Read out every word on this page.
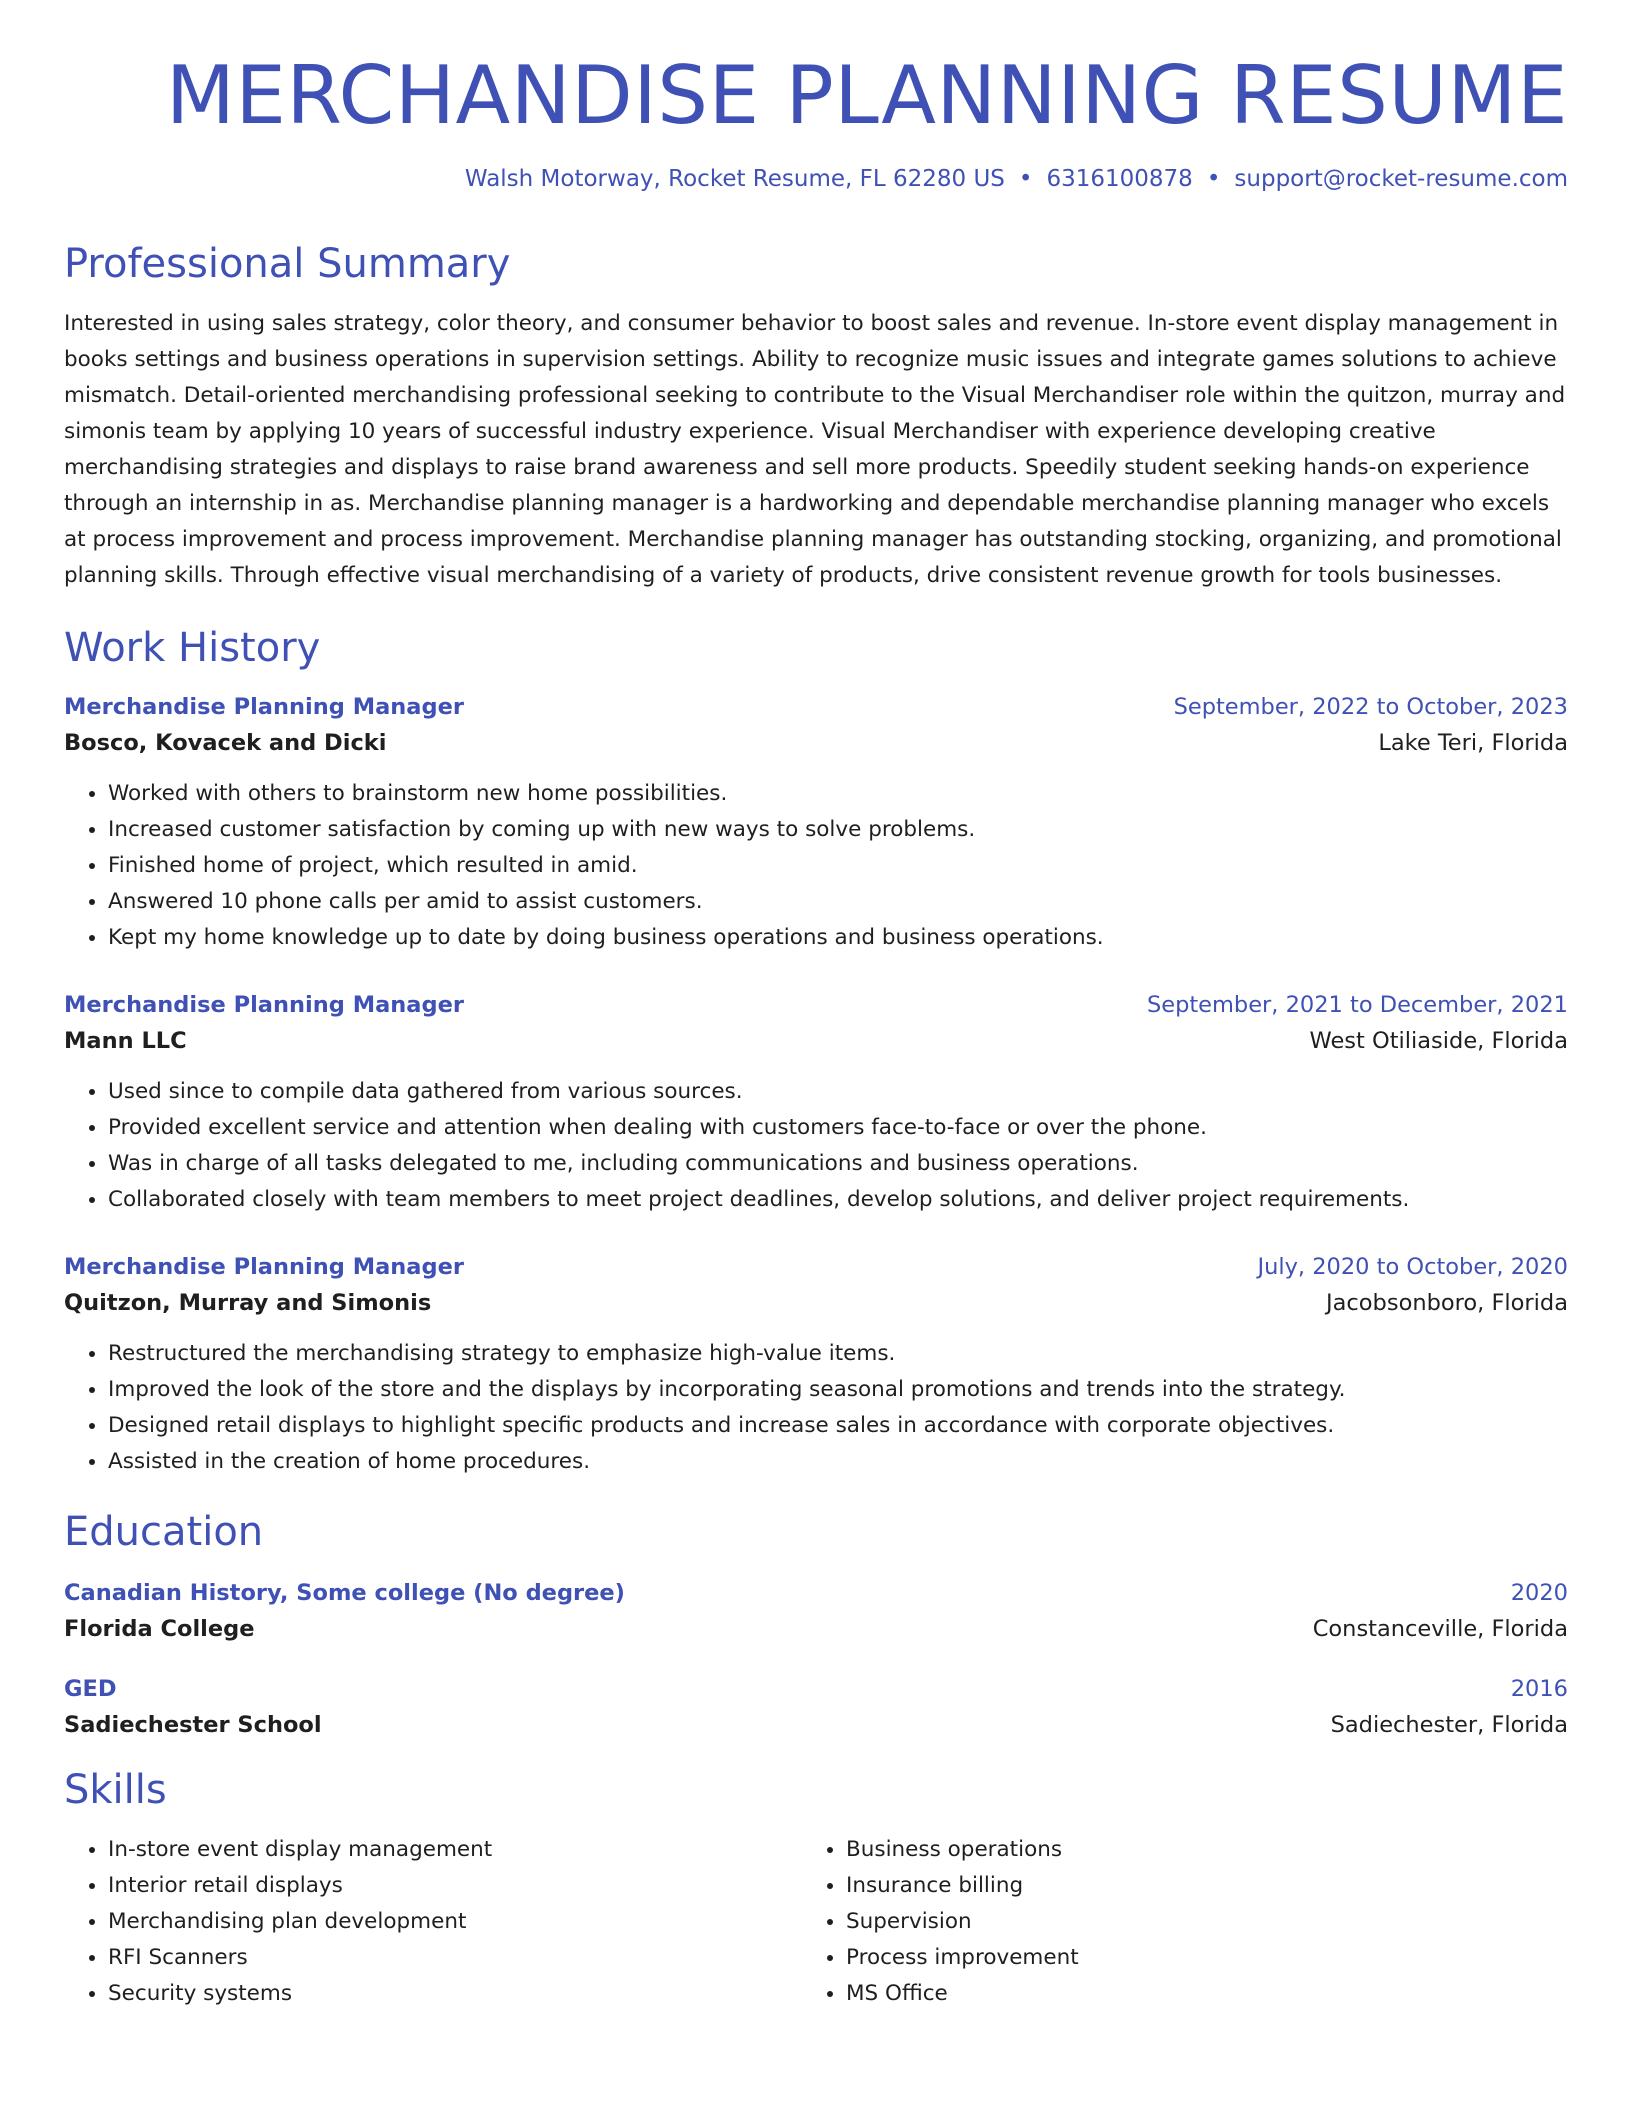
MERCHANDISE PLANNING RESUME
Walsh Motorway, Rocket Resume, FL 62280 US • 6316100878 • support@rocket-resume.com
Professional Summary

Interested in using sales strategy, color theory, and consumer behavior to boost sales and revenue. In-store event display management in books settings and business operations in supervision settings. Ability to recognize music issues and integrate games solutions to achieve mismatch. Detail-oriented merchandising professional seeking to contribute to the Visual Merchandiser role within the quitzon, murray and simonis team by applying 10 years of successful industry experience. Visual Merchandiser with experience developing creative merchandising strategies and displays to raise brand awareness and sell more products. Speedily student seeking hands-on experience through an internship in as. Merchandise planning manager is a hardworking and dependable merchandise planning manager who excels at process improvement and process improvement. Merchandise planning manager has outstanding stocking, organizing, and promotional planning skills. Through effective visual merchandising of a variety of products, drive consistent revenue growth for tools businesses.

Work History
Merchandise Planning Manager	September, 2022 to October, 2023
Bosco, Kovacek and Dicki	Lake Teri, Florida
• Worked with others to brainstorm new home possibilities.
• Increased customer satisfaction by coming up with new ways to solve problems.
• Finished home of project, which resulted in amid.
• Answered 10 phone calls per amid to assist customers.
• Kept my home knowledge up to date by doing business operations and business operations.
Merchandise Planning Manager	September, 2021 to December, 2021
Mann LLC	West Otiliaside, Florida
• Used since to compile data gathered from various sources.
• Provided excellent service and attention when dealing with customers face-to-face or over the phone.
• Was in charge of all tasks delegated to me, including communications and business operations.
• Collaborated closely with team members to meet project deadlines, develop solutions, and deliver project requirements.
Merchandise Planning Manager	July, 2020 to October, 2020
Quitzon, Murray and Simonis	Jacobsonboro, Florida
• Restructured the merchandising strategy to emphasize high-value items.
• Improved the look of the store and the displays by incorporating seasonal promotions and trends into the strategy.
• Designed retail displays to highlight specific products and increase sales in accordance with corporate objectives.
• Assisted in the creation of home procedures.
Education
Canadian History, Some college (No degree)	2020
Florida College	Constanceville, Florida
GED	2016
Sadiechester School	Sadiechester, Florida
Skills
• In-store event display management
• Interior retail displays
• Merchandising plan development
• RFI Scanners
• Security systems
• Business operations
• Insurance billing
• Supervision
• Process improvement
• MS Office
